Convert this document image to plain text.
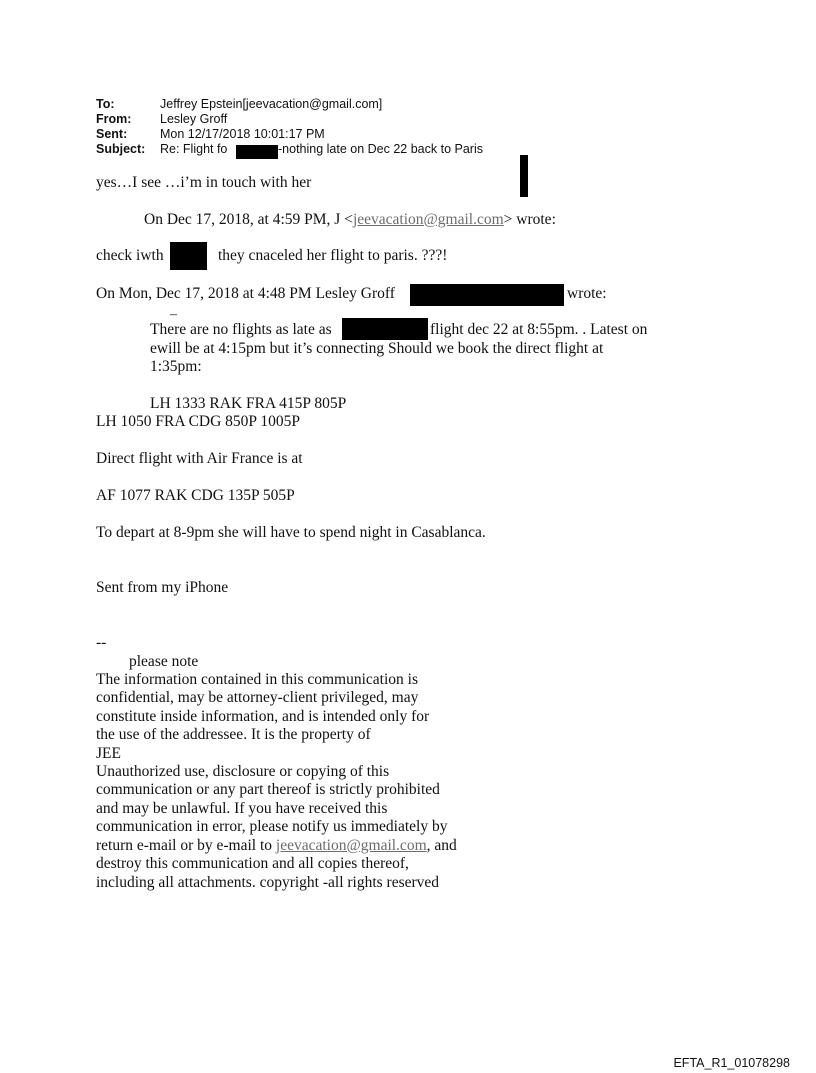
To:	Jeffrey Epstein[jeevacation@gmail.com]
From: Lesley Groff
Sent:	Mon 12/17/2018 10:01:17 PM
Subject: Re: Flight fo	-nothing late on Dec 22 back to Paris
yes…I see …i’m in touch with her
On Dec 17, 2018, at 4:59 PM, J <jeevacation@gmail.com> wrote:
check iwth	they cnaceled her flight to paris. ???!
On Mon, Dec 17, 2018 at 4:48 PM Lesley Groff	wrote:
–
There are no flights as late as	flight dec 22 at 8:55pm. . Latest on
ewill be at 4:15pm but it’s connecting Should we book the direct flight at
1:35pm:
LH 1333 RAK FRA 415P 805P
LH 1050 FRA CDG 850P 1005P
Direct flight with Air France is at
AF 1077 RAK CDG 135P 505P
To depart at 8-9pm she will have to spend night in Casablanca.
Sent from my iPhone
--
please note
The information contained in this communication is
confidential, may be attorney-client privileged, may
constitute inside information, and is intended only for
the use of the addressee. It is the property of
JEE
Unauthorized use, disclosure or copying of this
communication or any part thereof is strictly prohibited
and may be unlawful. If you have received this
communication in error, please notify us immediately by
return e-mail or by e-mail to jeevacation@gmail.com, and
destroy this communication and all copies thereof,
including all attachments. copyright -all rights reserved
EFTA_R1_01078298
